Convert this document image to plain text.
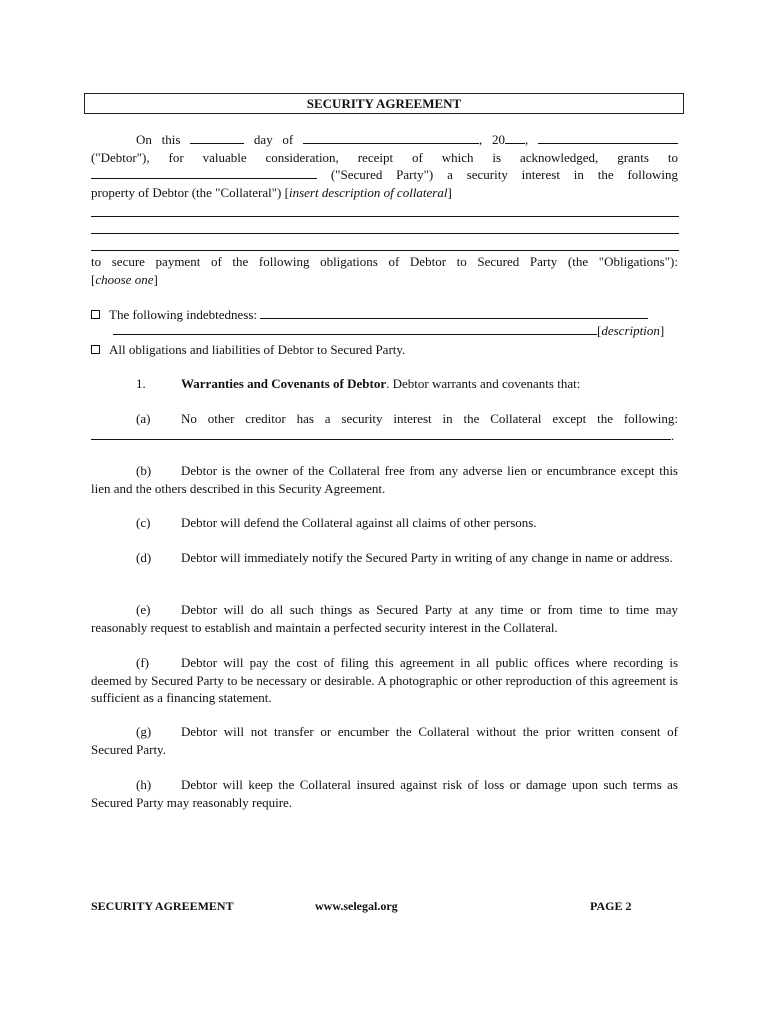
SECURITY AGREEMENT
On this	day of	, 20 ,
("Debtor"), for valuable consideration, receipt of which is acknowledged, grants to
("Secured Party") a security interest in the following
property of Debtor (the "Collateral") [insert description of collateral]
to secure payment of the following obligations of Debtor to Secured Party (the "Obligations"):
[choose one]
The following indebtedness:
[description]
All obligations and liabilities of Debtor to Secured Party.
1.	Warranties and Covenants of Debtor. Debtor warrants and covenants that:
(a) No other creditor has a security interest in the Collateral except the following:
.
(b) Debtor is the owner of the Collateral free from any adverse lien or encumbrance except this lien and the others described in this Security Agreement.
(c) Debtor will defend the Collateral against all claims of other persons.
(d) Debtor will immediately notify the Secured Party in writing of any change in name or address.
(e) Debtor will do all such things as Secured Party at any time or from time to time may reasonably request to establish and maintain a perfected security interest in the Collateral.
(f) Debtor will pay the cost of filing this agreement in all public offices where recording is deemed by Secured Party to be necessary or desirable. A photographic or other reproduction of this agreement is sufficient as a financing statement.
(g) Debtor will not transfer or encumber the Collateral without the prior written consent of Secured Party.
(h) Debtor will keep the Collateral insured against risk of loss or damage upon such terms as Secured Party may reasonably require.
SECURITY AGREEMENT	www.selegal.org	PAGE 2
